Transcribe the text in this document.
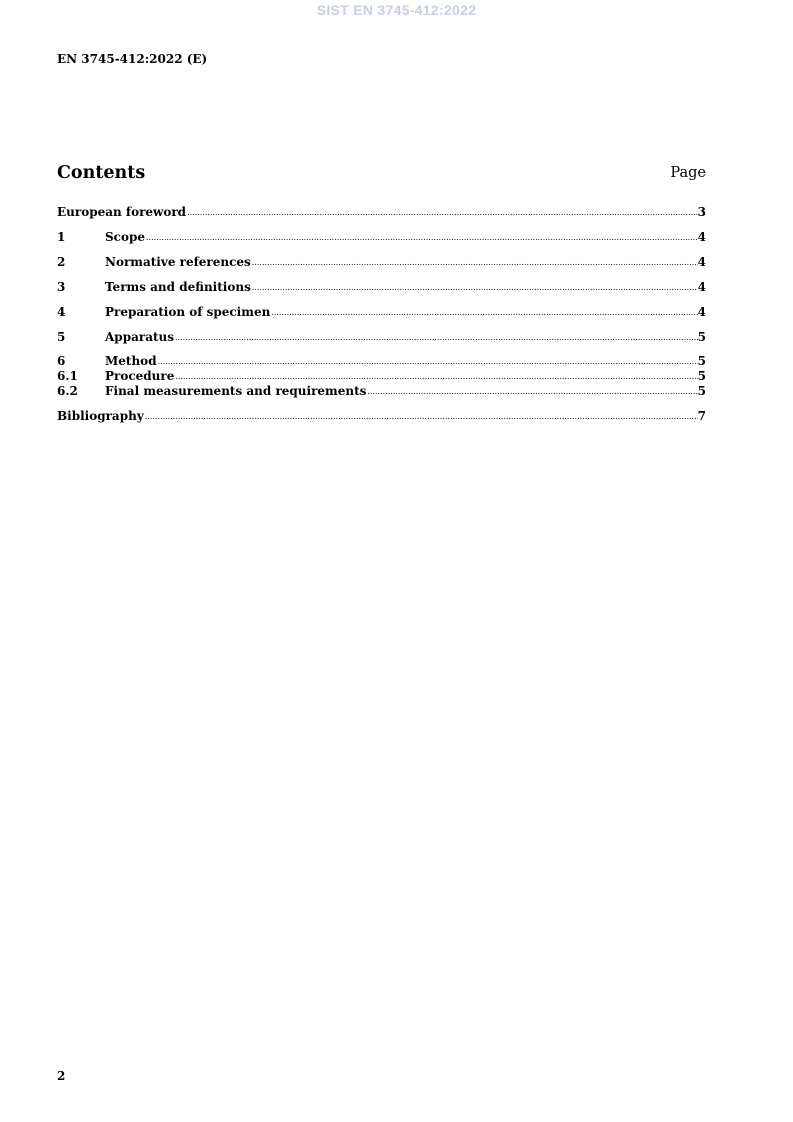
SIST EN 3745-412:2022
EN 3745-412:2022 (E)
Contents	Page
European foreword .....	3
1	Scope .....	4
2	Normative references .....	4
3	Terms and definitions .....	4
4	Preparation of specimen .....	4
5	Apparatus .....	5
6	Method .....	5
6.1	Procedure .....	5
6.2	Final measurements and requirements .....	5
Bibliography .....	7
2
